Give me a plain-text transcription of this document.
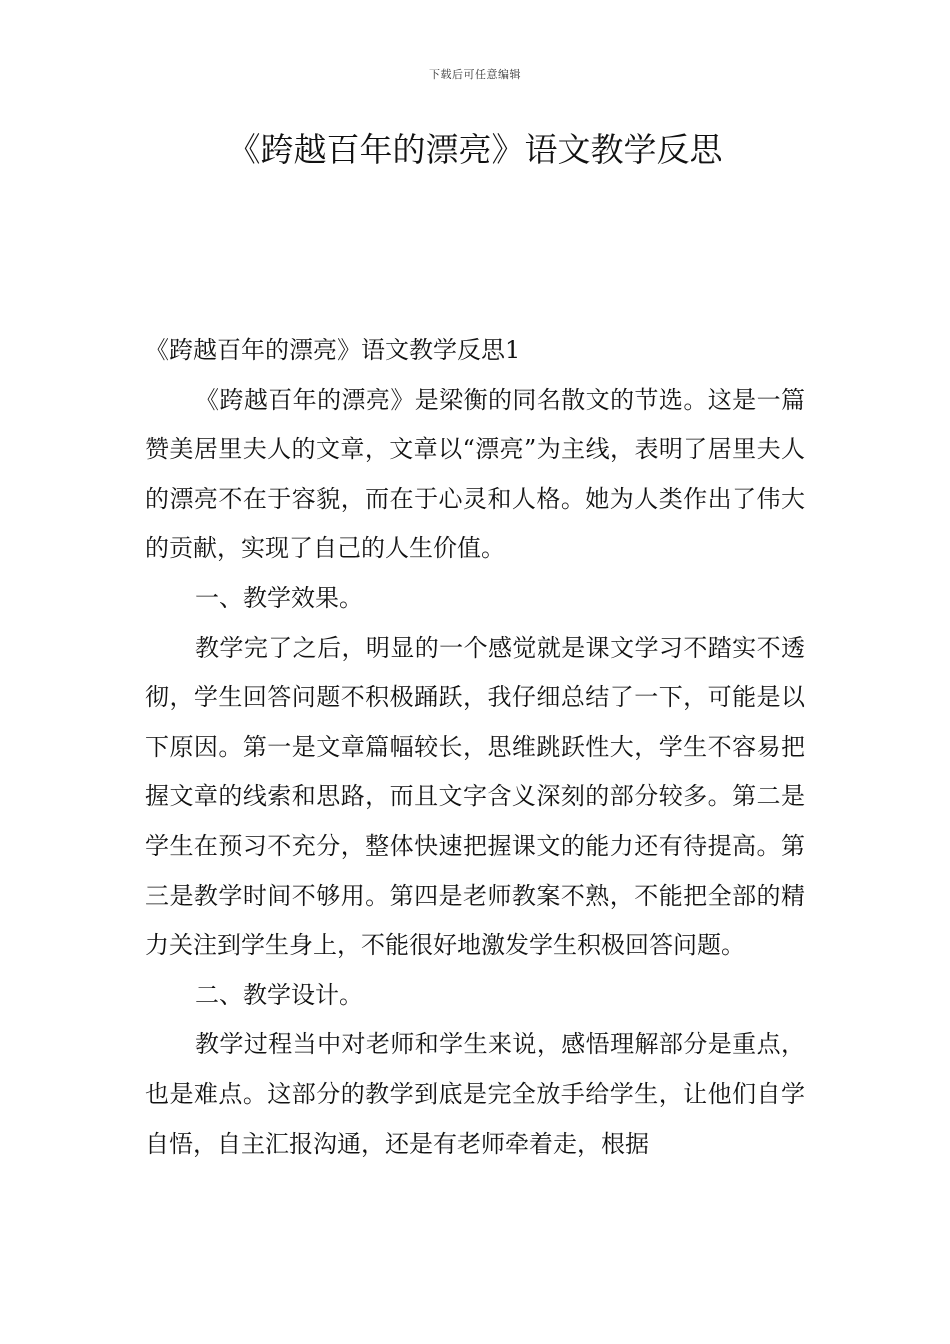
下载后可任意编辑
《跨越百年的漂亮》语文教学反思

《跨越百年的漂亮》语文教学反思1

《跨越百年的漂亮》是梁衡的同名散文的节选。这是一篇赞美居里夫人的文章，文章以“漂亮”为主线，表明了居里夫人的漂亮不在于容貌，而在于心灵和人格。她为人类作出了伟大的贡献，实现了自己的人生价值。

一、教学效果。

教学完了之后，明显的一个感觉就是课文学习不踏实不透彻，学生回答问题不积极踊跃，我仔细总结了一下，可能是以下原因。第一是文章篇幅较长，思维跳跃性大，学生不容易把握文章的线索和思路，而且文字含义深刻的部分较多。第二是学生在预习不充分，整体快速把握课文的能力还有待提高。第三是教学时间不够用。第四是老师教案不熟，不能把全部的精力关注到学生身上，不能很好地激发学生积极回答问题。

二、教学设计。

教学过程当中对老师和学生来说，感悟理解部分是重点，也是难点。这部分的教学到底是完全放手给学生，让他们自学自悟，自主汇报沟通，还是有老师牵着走，根据
